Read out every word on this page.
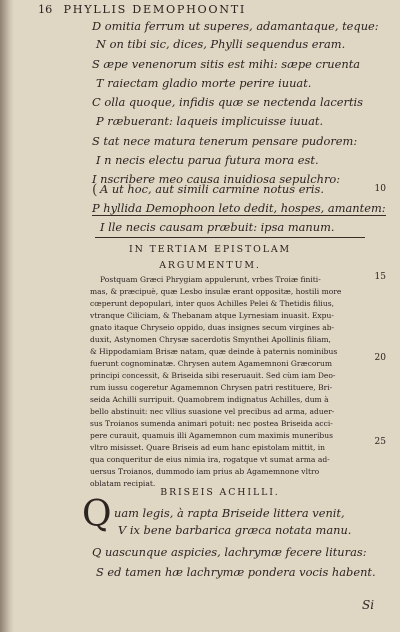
16 PHYLLIS DEMOPHOONTI
D omitia ferrum ut superes, adamantaque, teque:
N on tibi sic, dices, Phylli sequendus eram.
S æpe venenorum sitis est mihi: sæpe cruenta
T raiectam gladio morte perire iuuat.
C olla quoque, infidis quæ se nectenda lacertis
P ræbuerant: laqueis implicuisse iuuat.
S tat nece matura tenerum pensare pudorem:
I n necis electu parua futura mora est.
I nscribere meo causa inuidiosa sepulchro:
( A ut hoc, aut simili carmine notus eris.	10
P hyllida Demophoon leto dedit, hospes, amantem:
I lle necis causam præbuit: ipsa manum.
IN TERTIAM EPISTOLAM
ARGUMENTUM.
Postquam Græci Phrygiam appulerunt, vrbes Troiæ finiti-	15
mas, & præcipuè, quæ Lesbo insulæ erant oppositæ, hostili more
cœperunt depopulari, inter quos Achilles Pelei & Thetidis filius,
vtranque Ciliciam, & Thebanam atque Lyrnesiam inuasit. Expu-
gnato itaque Chryseio oppido, duas insignes secum virgines ab-
duxit, Astynomen Chrysæ sacerdotis Smynthei Apollinis filiam,
& Hippodamiam Brisæ natam, quæ deinde à paternis nominibus
fuerunt cognominatæ. Chrysen autem Agamemnoni Græcorum
principi concessit, & Briseida sibi reseruauit. Sed cùm iam Deo-
20
rum iussu cogeretur Agamemnon Chrysen patri restituere, Bri-
seida Achilli surripuit. Quamobrem indignatus Achilles, dum à
bello abstinuit: nec vllius suasione vel precibus ad arma, aduer-
sus Troianos sumenda animari potuit: nec postea Briseida acci-
pere curauit, quamuis illi Agamemnon cum maximis muneribus
vltro misisset. Quare Briseis ad eum hanc epistolam mittit, in
25
qua conqueritur de eius nimia ira, rogatque vt sumat arma ad-
uersus Troianos, dummodo iam prius ab Agamemnone vltro
oblatam recipiat.
BRISEIS ACHILLI.
Q uam legis, à rapta Briseide littera venit,
V ix bene barbarica græca notata manu.
Q uascunque aspicies, lachrymæ fecere lituras:
S ed tamen hæ lachrymæ pondera vocis habent.
Si
